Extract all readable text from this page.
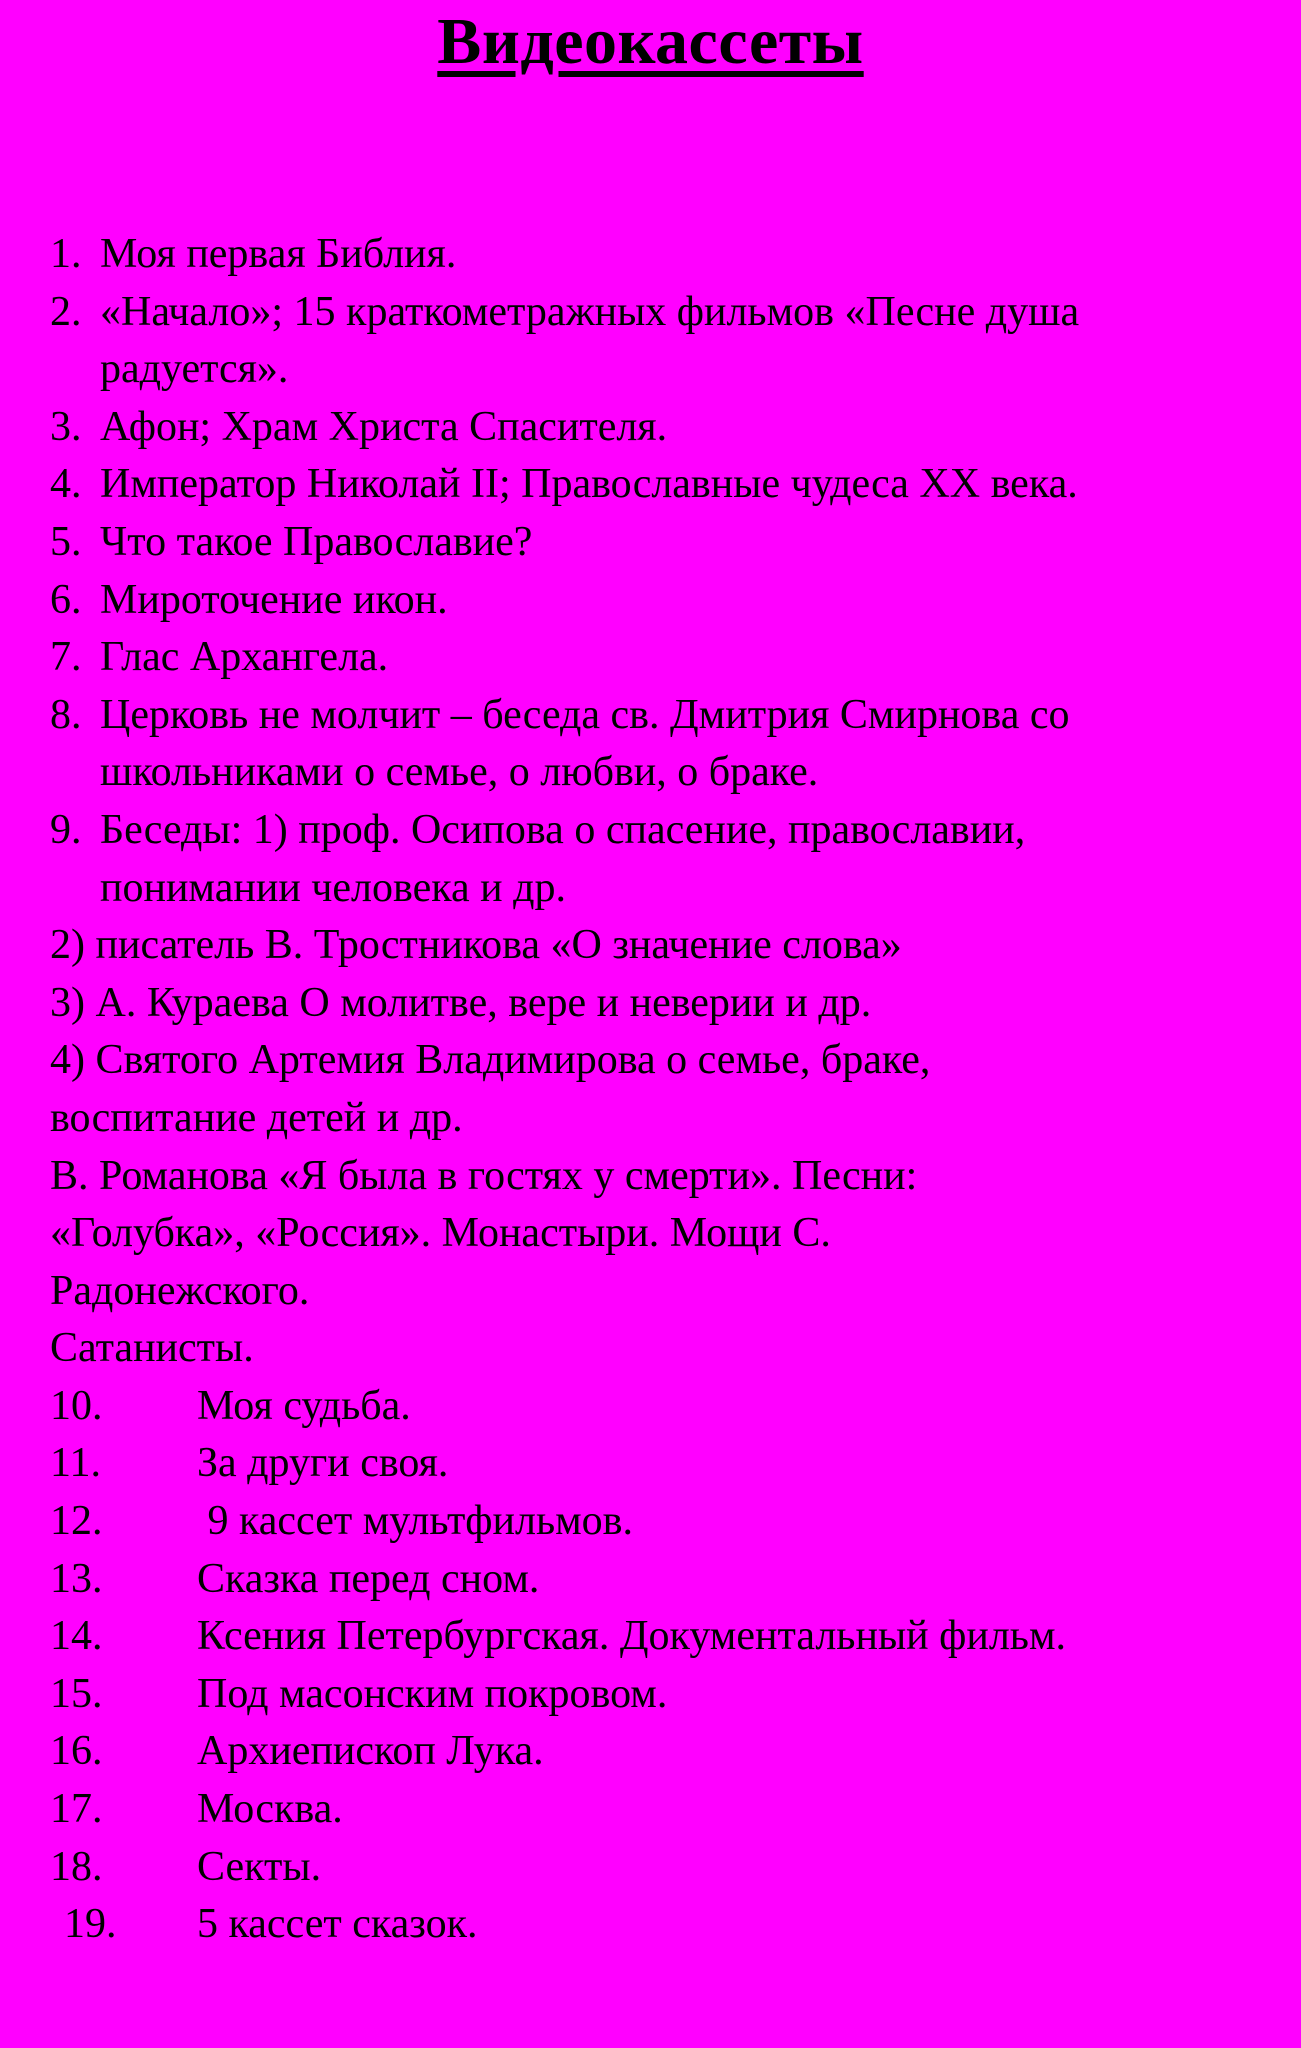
Видеокассеты
1. Моя первая Библия.
2. «Начало»; 15 краткометражных фильмов «Песне душа
радуется».
3. Афон; Храм Христа Спасителя.
4. Император Николай II; Православные чудеса XX века.
5. Что такое Православие?
6. Мироточение икон.
7. Глас Архангела.
8. Церковь не молчит – беседа св. Дмитрия Смирнова со
школьниками о семье, о любви, о браке.
9. Беседы: 1) проф. Осипова о спасение, православии,
понимании человека и др.
2) писатель В. Тростникова «О значение слова»
3) А. Кураева О молитве, вере и неверии и др.
4) Святого Артемия Владимирова о семье, браке,
воспитание детей и др.
В. Романова «Я была в гостях у смерти». Песни:
«Голубка», «Россия». Монастыри. Мощи С.
Радонежского.
Сатанисты.
10. Моя судьба.
11. За други своя.
12. 9 кассет мультфильмов.
13. Сказка перед сном.
14. Ксения Петербургская. Документальный фильм.
15. Под масонским покровом.
16. Архиепископ Лука.
17. Москва.
18. Секты.
19. 5 кассет сказок.
